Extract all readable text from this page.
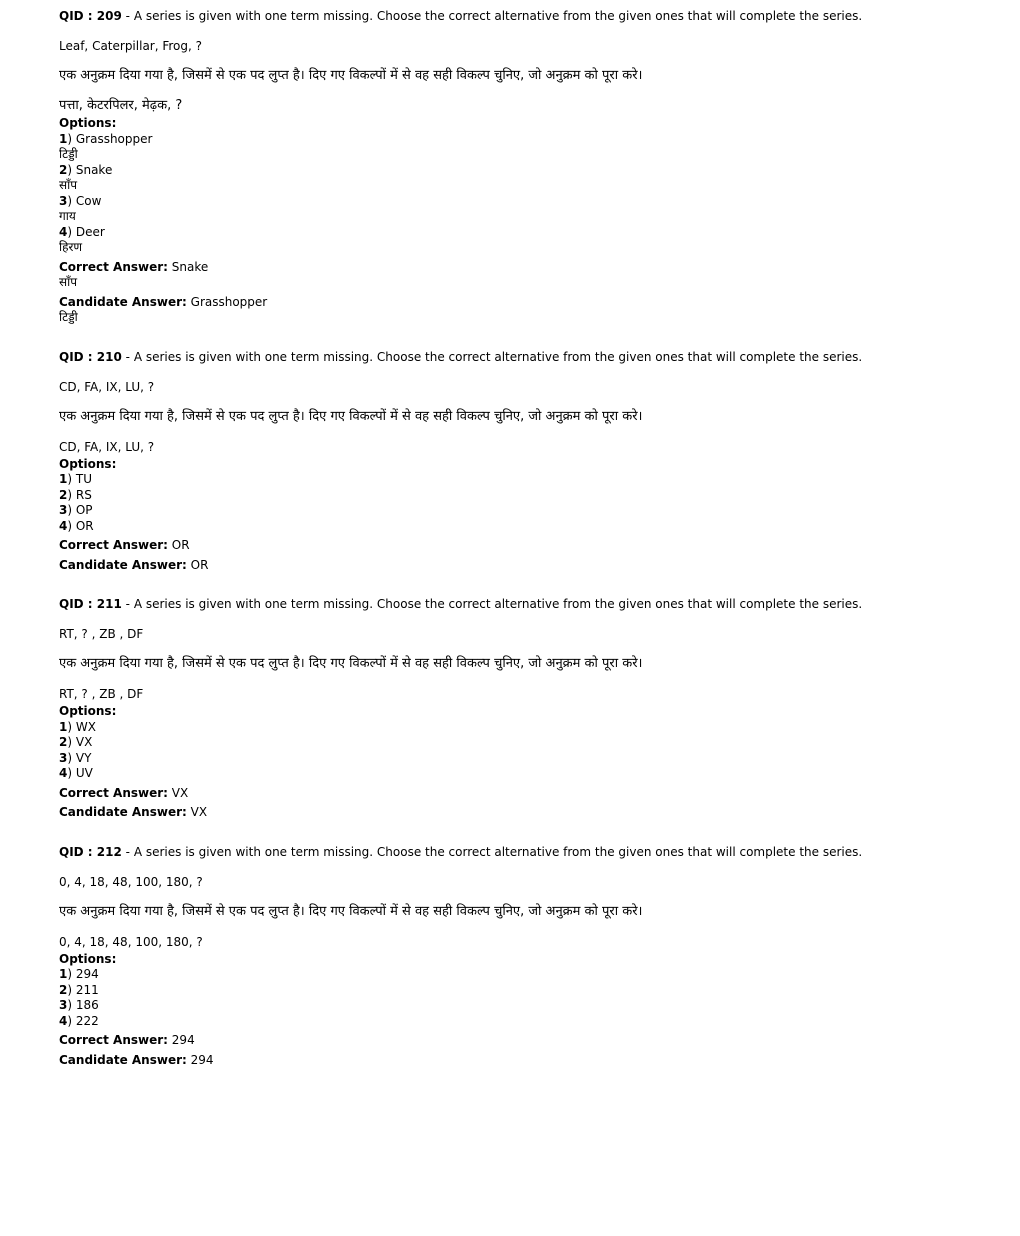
QID : 209 - A series is given with one term missing. Choose the correct alternative from the given ones that will complete the series.
Leaf, Caterpillar, Frog, ?
एक अनुक्रम दिया गया है, जिसमें से एक पद लुप्त है। दिए गए विकल्पों में से वह सही विकल्प चुनिए, जो अनुक्रम को पूरा करे।
पत्ता, केटरपिलर, मेढ़क, ?
Options:
1) Grasshopper
टिड्डी
2) Snake
साँप
3) Cow
गाय
4) Deer
हिरण
Correct Answer: Snake
साँप
Candidate Answer: Grasshopper
टिड्डी
QID : 210 - A series is given with one term missing. Choose the correct alternative from the given ones that will complete the series.
CD, FA, IX, LU, ?
एक अनुक्रम दिया गया है, जिसमें से एक पद लुप्त है। दिए गए विकल्पों में से वह सही विकल्प चुनिए, जो अनुक्रम को पूरा करे।
CD, FA, IX, LU, ?
Options:
1) TU
2) RS
3) OP
4) OR
Correct Answer: OR
Candidate Answer: OR
QID : 211 - A series is given with one term missing. Choose the correct alternative from the given ones that will complete the series.
RT, ? , ZB , DF
एक अनुक्रम दिया गया है, जिसमें से एक पद लुप्त है। दिए गए विकल्पों में से वह सही विकल्प चुनिए, जो अनुक्रम को पूरा करे।
RT, ? , ZB , DF
Options:
1) WX
2) VX
3) VY
4) UV
Correct Answer: VX
Candidate Answer: VX
QID : 212 - A series is given with one term missing. Choose the correct alternative from the given ones that will complete the series.
0, 4, 18, 48, 100, 180, ?
एक अनुक्रम दिया गया है, जिसमें से एक पद लुप्त है। दिए गए विकल्पों में से वह सही विकल्प चुनिए, जो अनुक्रम को पूरा करे।
0, 4, 18, 48, 100, 180, ?
Options:
1) 294
2) 211
3) 186
4) 222
Correct Answer: 294
Candidate Answer: 294
